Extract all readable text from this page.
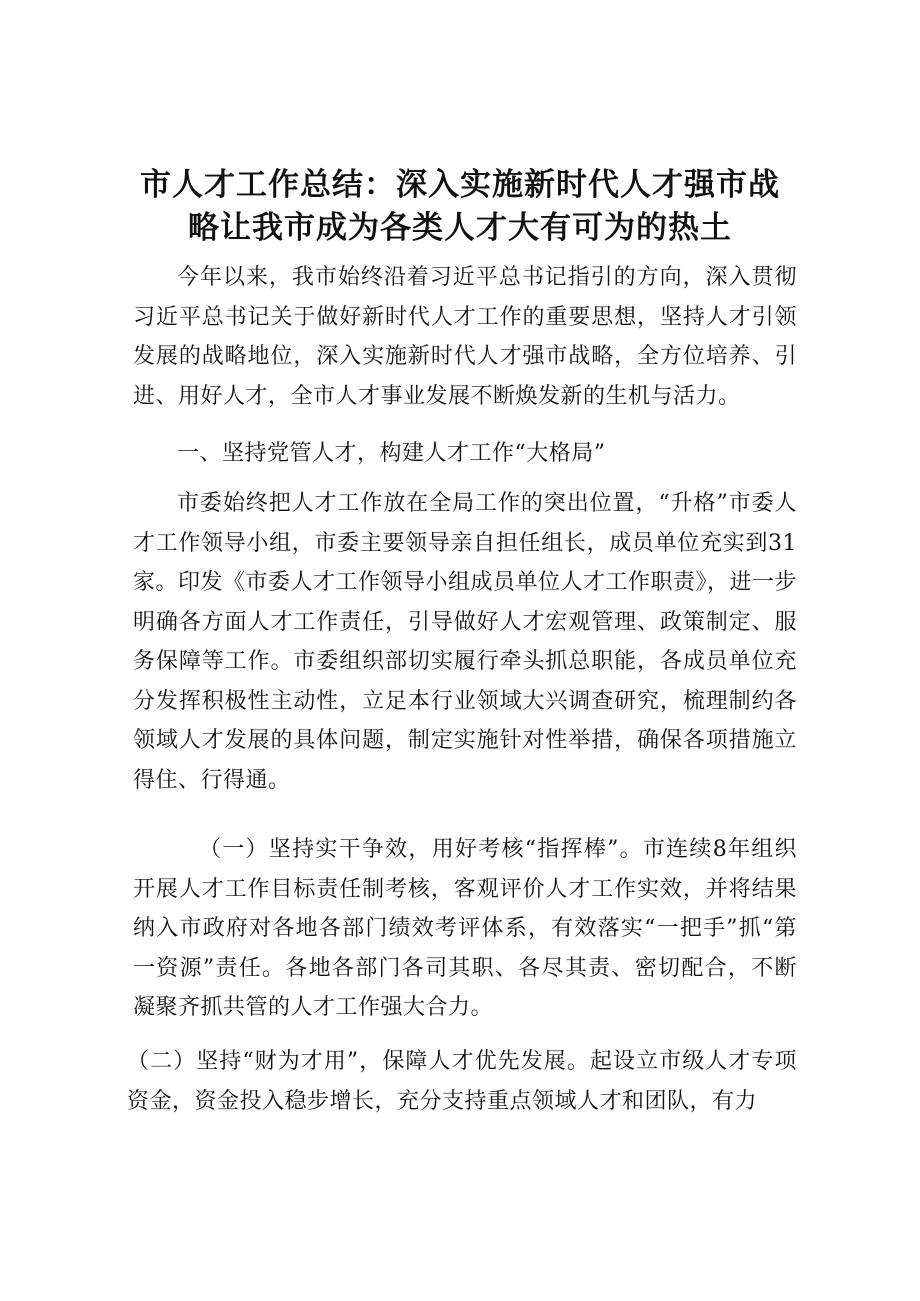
市人才工作总结：深入实施新时代人才强市战略让我市成为各类人才大有可为的热土

今年以来，我市始终沿着习近平总书记指引的方向，深入贯彻习近平总书记关于做好新时代人才工作的重要思想，坚持人才引领发展的战略地位，深入实施新时代人才强市战略，全方位培养、引进、用好人才，全市人才事业发展不断焕发新的生机与活力。

一、坚持党管人才，构建人才工作“大格局”

市委始终把人才工作放在全局工作的突出位置，“升格”市委人才工作领导小组，市委主要领导亲自担任组长，成员单位充实到31家。印发《市委人才工作领导小组成员单位人才工作职责》，进一步明确各方面人才工作责任，引导做好人才宏观管理、政策制定、服务保障等工作。市委组织部切实履行牵头抓总职能，各成员单位充分发挥积极性主动性，立足本行业领域大兴调查研究，梳理制约各领域人才发展的具体问题，制定实施针对性举措，确保各项措施立得住、行得通。

（一）坚持实干争效，用好考核“指挥棒”。市连续8年组织开展人才工作目标责任制考核，客观评价人才工作实效，并将结果纳入市政府对各地各部门绩效考评体系，有效落实“一把手”抓“第一资源”责任。各地各部门各司其职、各尽其责、密切配合，不断凝聚齐抓共管的人才工作强大合力。

（二）坚持“财为才用”，保障人才优先发展。起设立市级人才专项资金，资金投入稳步增长，充分支持重点领域人才和团队，有力
